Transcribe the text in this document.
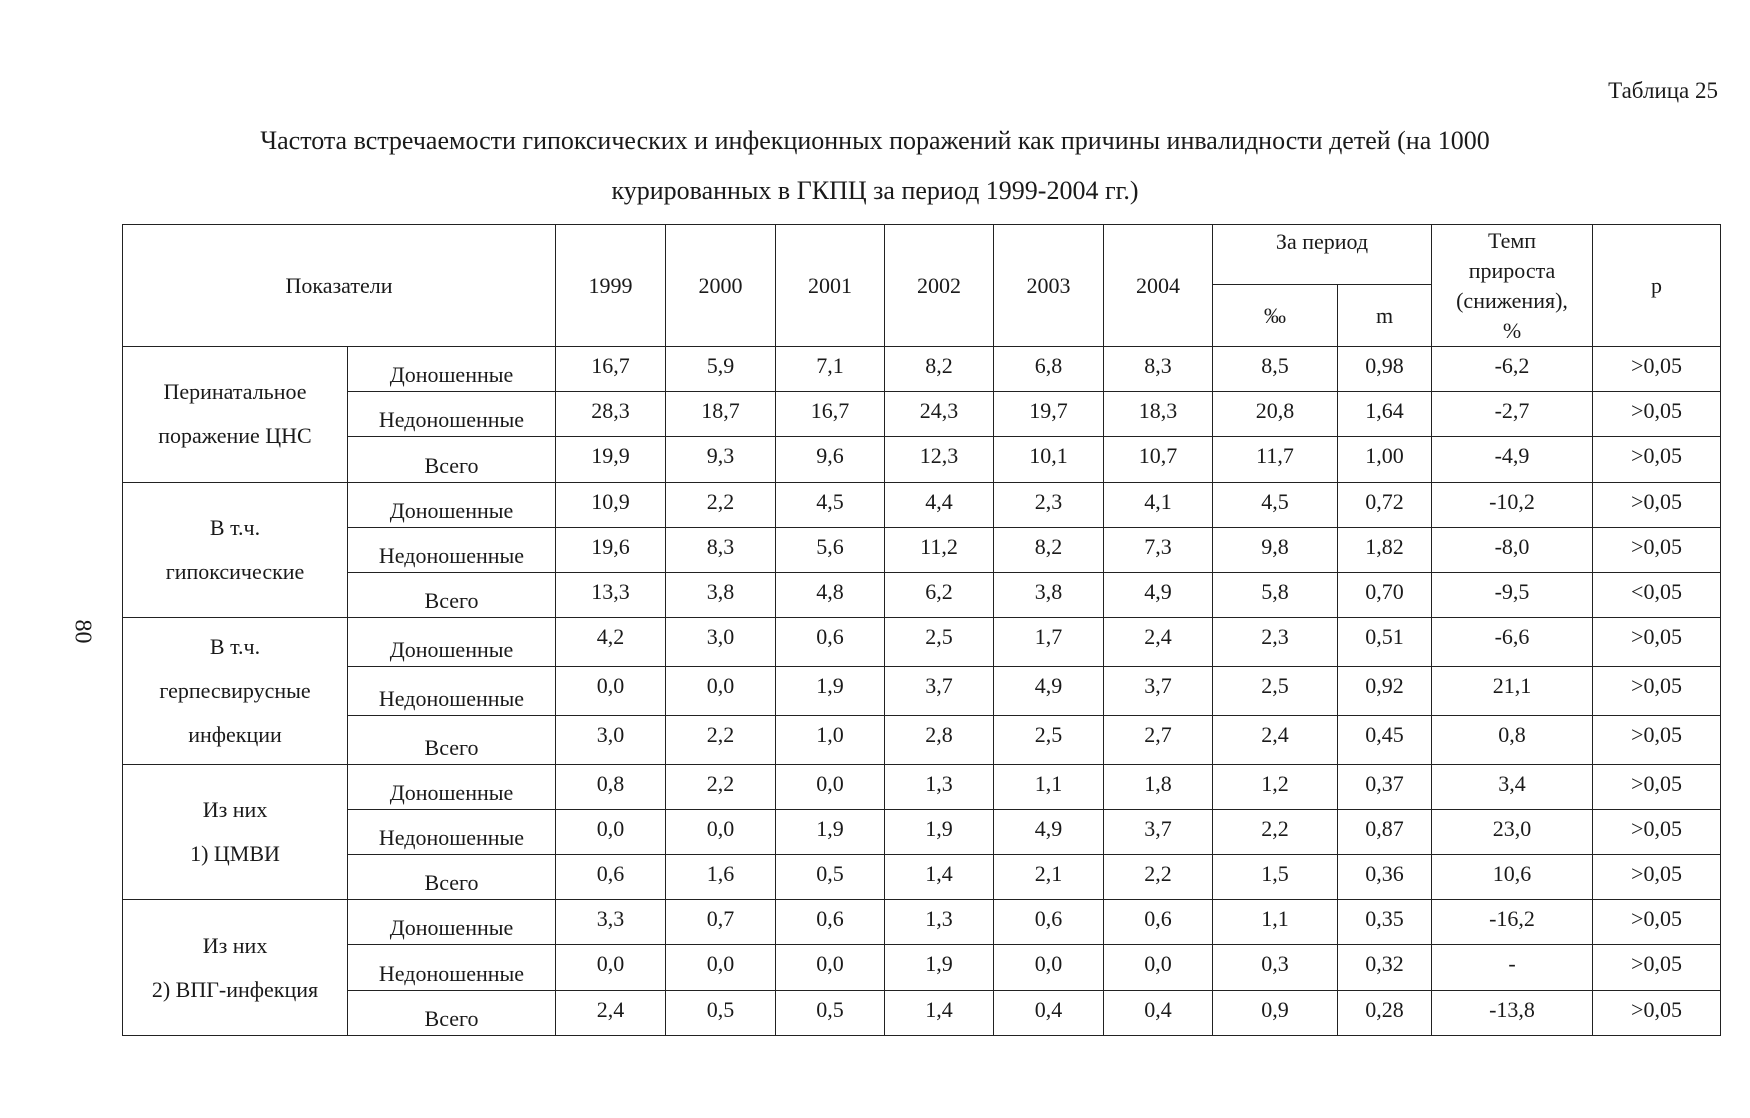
Таблица 25
Частота встречаемости гипоксических и инфекционных поражений как причины инвалидности детей (на 1000
курированных в ГКПЦ за период 1999-2004 гг.)
80
Показатели		1999	2000	2001	2002	2003	2004	За период		Темп
прироста
(снижения),
%	p
								‰	m		

Перинатальное
поражение ЦНС	Доношенные	16,7	5,9	7,1	8,2	6,8	8,3	8,5	0,98	-6,2	>0,05
	Недоношенные	28,3	18,7	16,7	24,3	19,7	18,3	20,8	1,64	-2,7	>0,05
	Всего	19,9	9,3	9,6	12,3	10,1	10,7	11,7	1,00	-4,9	>0,05

В т.ч.
гипоксические	Доношенные	10,9	2,2	4,5	4,4	2,3	4,1	4,5	0,72	-10,2	>0,05
	Недоношенные	19,6	8,3	5,6	11,2	8,2	7,3	9,8	1,82	-8,0	>0,05
	Всего	13,3	3,8	4,8	6,2	3,8	4,9	5,8	0,70	-9,5	<0,05

В т.ч.
герпесвирусные
инфекции	Доношенные	4,2	3,0	0,6	2,5	1,7	2,4	2,3	0,51	-6,6	>0,05
	Недоношенные	0,0	0,0	1,9	3,7	4,9	3,7	2,5	0,92	21,1	>0,05
	Всего	3,0	2,2	1,0	2,8	2,5	2,7	2,4	0,45	0,8	>0,05

Из них
1) ЦМВИ	Доношенные	0,8	2,2	0,0	1,3	1,1	1,8	1,2	0,37	3,4	>0,05
	Недоношенные	0,0	0,0	1,9	1,9	4,9	3,7	2,2	0,87	23,0	>0,05
	Всего	0,6	1,6	0,5	1,4	2,1	2,2	1,5	0,36	10,6	>0,05

Из них
2) ВПГ-инфекция	Доношенные	3,3	0,7	0,6	1,3	0,6	0,6	1,1	0,35	-16,2	>0,05
	Недоношенные	0,0	0,0	0,0	1,9	0,0	0,0	0,3	0,32	-	>0,05
	Всего	2,4	0,5	0,5	1,4	0,4	0,4	0,9	0,28	-13,8	>0,05
